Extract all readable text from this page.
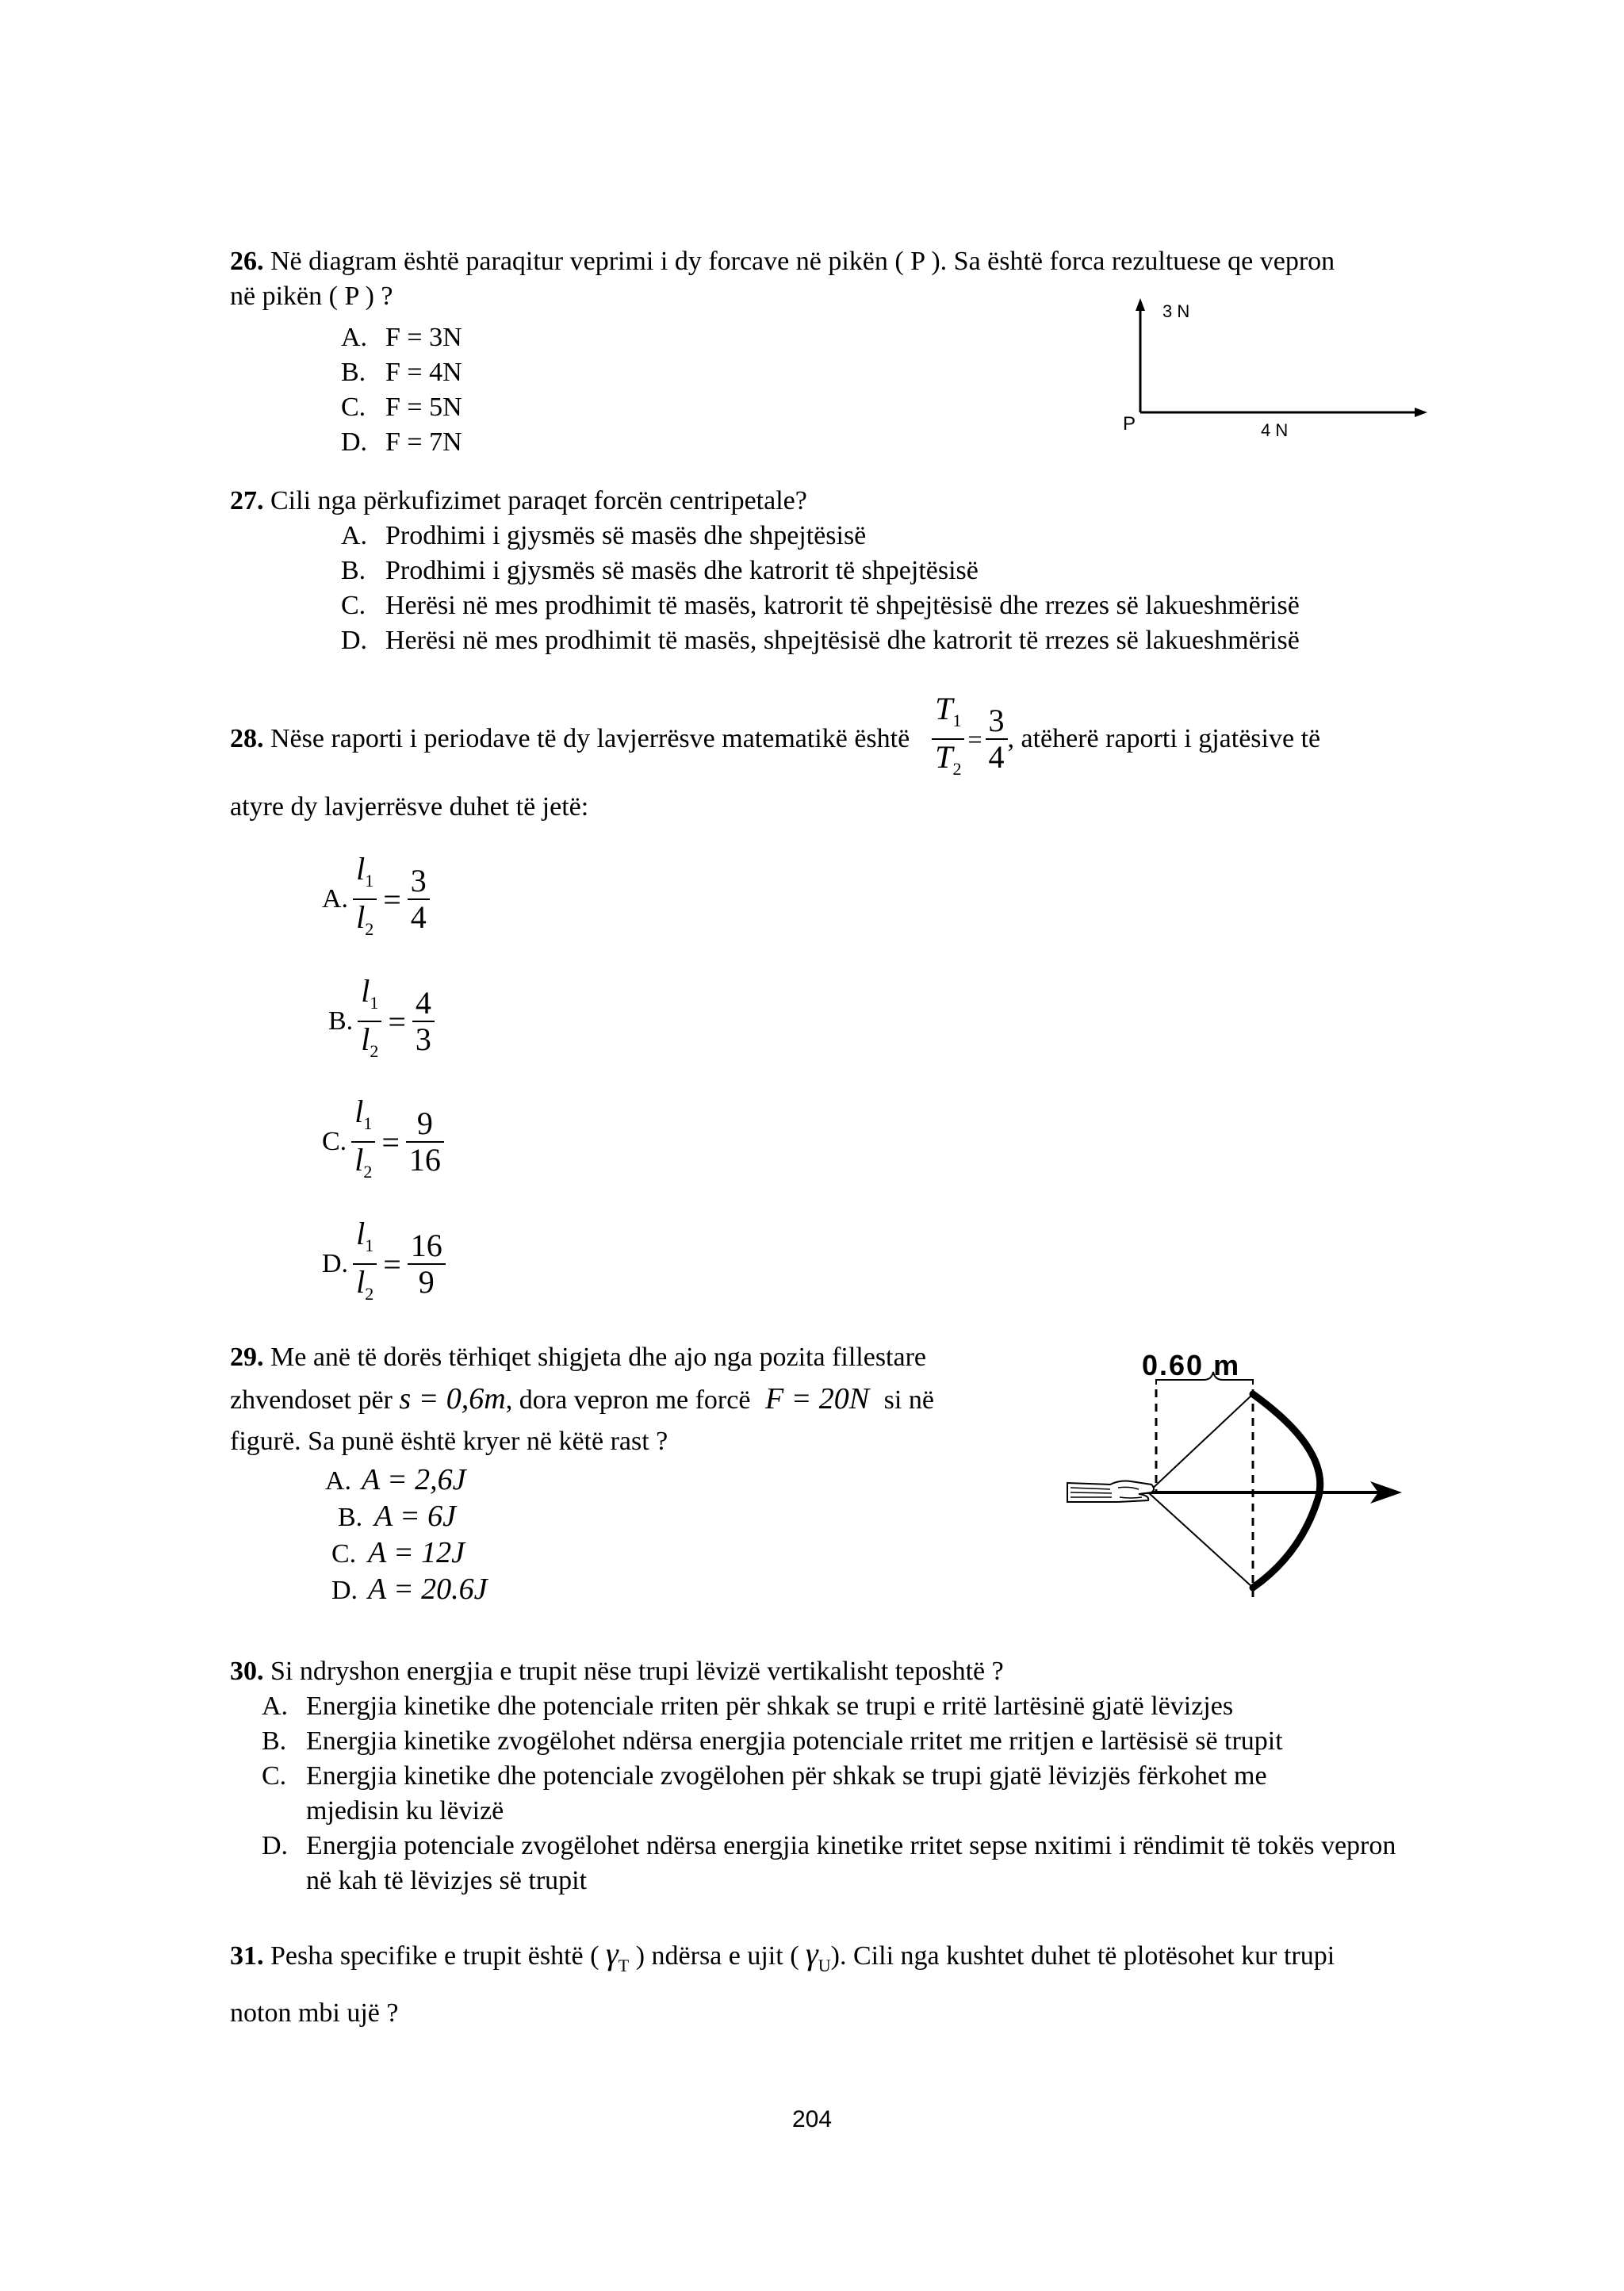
26. Në diagram është paraqitur veprimi i dy forcave në pikën ( P ). Sa është forca rezultuese qe vepron
në pikën ( P ) ?
A. F = 3N
B. F = 4N
C. F = 5N
D. F = 7N
3 N
P	4 N
27. Cili nga përkufizimet paraqet forcën centripetale?
A. Prodhimi i gjysmës së masës dhe shpejtësisë
B. Prodhimi i gjysmës së masës dhe katrorit të shpejtësisë
C. Herësi në mes prodhimit të masës, katrorit të shpejtësisë dhe rrezes së lakueshmërisë
D. Herësi në mes prodhimit të masës, shpejtësisë dhe katrorit të rrezes së lakueshmërisë
28.
Nëse raporti i periodave të dy lavjerrësve matematikë është $\frac{T_1}{T_2} = \frac{3}{4}$ , atëherë raporti i gjatësive të
atyre dy lavjerrësve duhet të jetë:
A. $\frac{l_1}{l_2} = \frac{3}{4}$
B. $\frac{l_1}{l_2} = \frac{4}{3}$
C. $\frac{l_1}{l_2} = \frac{9}{16}$
D. $\frac{l_1}{l_2} = \frac{16}{9}$
29. Me anë të dorës tërhiqet shigjeta dhe ajo nga pozita fillestare
zhvendoset për s = 0,6m, dora vepron me forcë F = 20N si në
figurë. Sa punë është kryer në këtë rast ?
A. A = 2,6J
B. A = 6J
C. A = 12J
D. A = 20.6J
0.60 m
30. Si ndryshon energjia e trupit nëse trupi lëvizë vertikalisht teposhtë ?
A. Energjia kinetike dhe potenciale rriten për shkak se trupi e rritë lartësinë gjatë lëvizjes
B. Energjia kinetike zvogëlohet ndërsa energjia potenciale rritet me rritjen e lartësisë së trupit
C. Energjia kinetike dhe potenciale zvogëlohen për shkak se trupi gjatë lëvizjës fërkohet me mjedisin ku lëvizë
D. Energjia potenciale zvogëlohet ndërsa energjia kinetike rritet sepse nxitimi i rëndimit të tokës vepron në kah të lëvizjes së trupit
31. Pesha specifike e trupit është ( $\gamma_T$ ) ndërsa e ujit ( $\gamma_U$). Cili nga kushtet duhet të plotësohet kur trupi
noton mbi ujë ?
204
